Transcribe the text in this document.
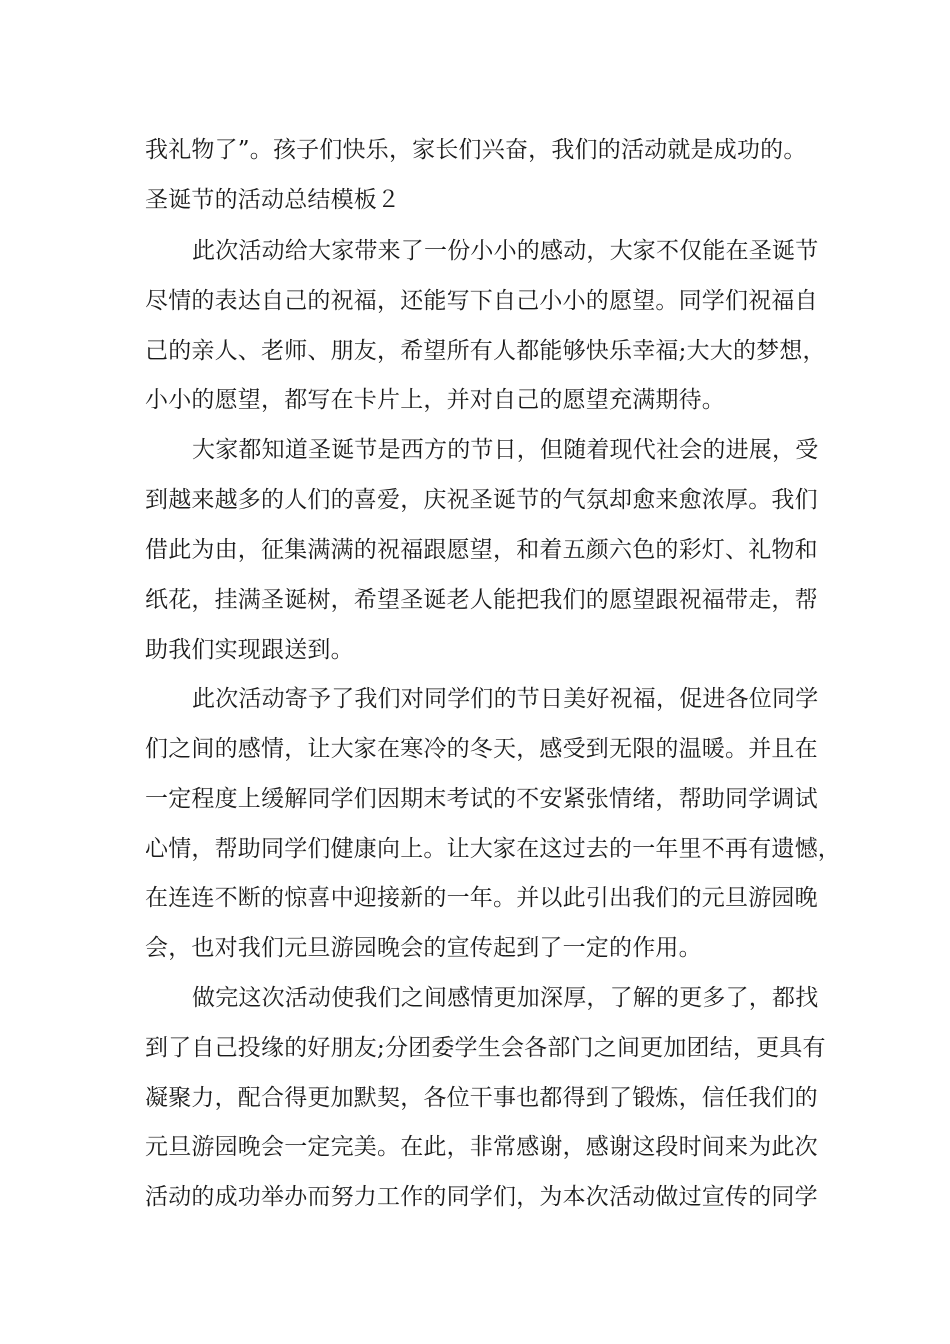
我礼物了”。孩子们快乐，家长们兴奋，我们的活动就是成功的。
圣诞节的活动总结模板２
此次活动给大家带来了一份小小的感动，大家不仅能在圣诞节
尽情的表达自己的祝福，还能写下自己小小的愿望。同学们祝福自
己的亲人、老师、朋友，希望所有人都能够快乐幸福;大大的梦想，
小小的愿望，都写在卡片上，并对自己的愿望充满期待。
大家都知道圣诞节是西方的节日，但随着现代社会的进展，受
到越来越多的人们的喜爱，庆祝圣诞节的气氛却愈来愈浓厚。我们
借此为由，征集满满的祝福跟愿望，和着五颜六色的彩灯、礼物和
纸花，挂满圣诞树，希望圣诞老人能把我们的愿望跟祝福带走，帮
助我们实现跟送到。
此次活动寄予了我们对同学们的节日美好祝福，促进各位同学
们之间的感情，让大家在寒冷的冬天，感受到无限的温暖。并且在
一定程度上缓解同学们因期末考试的不安紧张情绪，帮助同学调试
心情，帮助同学们健康向上。让大家在这过去的一年里不再有遗憾，
在连连不断的惊喜中迎接新的一年。并以此引出我们的元旦游园晚
会，也对我们元旦游园晚会的宣传起到了一定的作用。
做完这次活动使我们之间感情更加深厚，了解的更多了，都找
到了自己投缘的好朋友;分团委学生会各部门之间更加团结，更具有
凝聚力，配合得更加默契，各位干事也都得到了锻炼，信任我们的
元旦游园晚会一定完美。在此，非常感谢，感谢这段时间来为此次
活动的成功举办而努力工作的同学们，为本次活动做过宣传的同学
